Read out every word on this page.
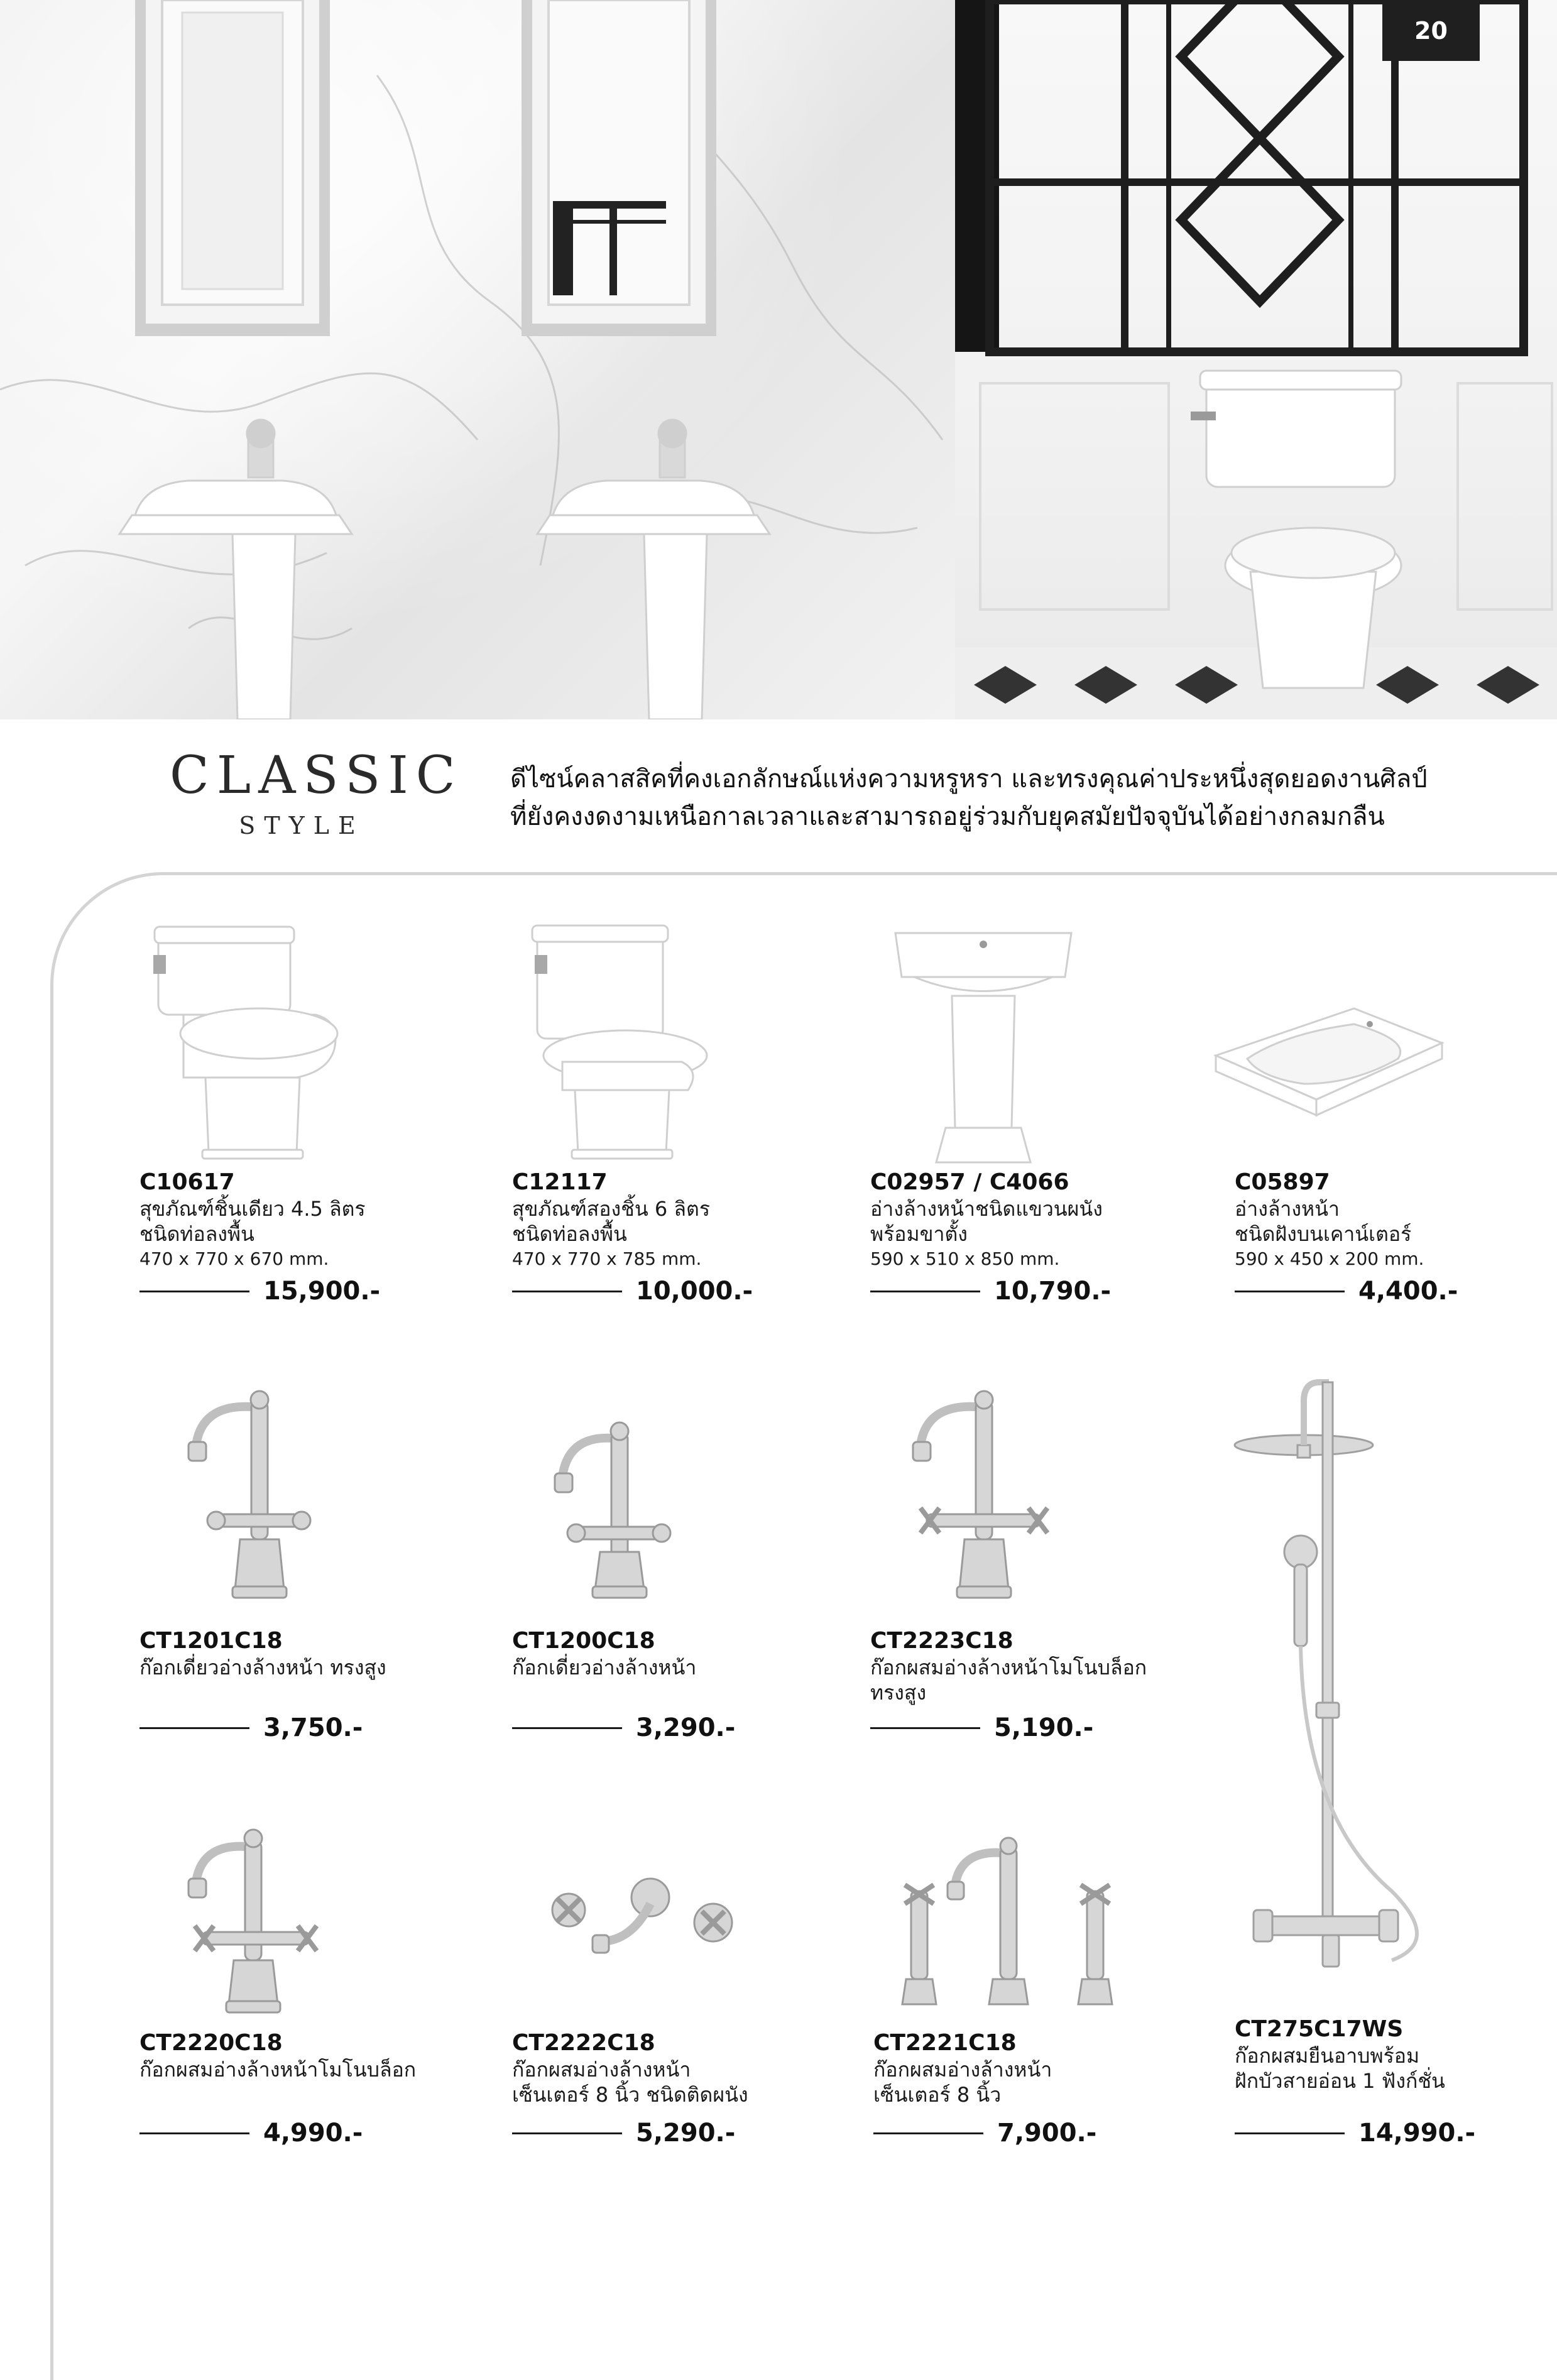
20
CLASSIC
STYLE
ดีไซน์คลาสสิคที่คงเอกลักษณ์แห่งความหรูหรา และทรงคุณค่าประหนึ่งสุดยอดงานศิลป์
ที่ยังคงงดงามเหนือกาลเวลาและสามารถอยู่ร่วมกับยุคสมัยปัจจุบันได้อย่างกลมกลืน
C10617
สุขภัณฑ์ชิ้นเดียว 4.5 ลิตร
ชนิดท่อลงพื้น
470 x 770 x 670 mm.
15,900.-
C12117
สุขภัณฑ์สองชิ้น 6 ลิตร
ชนิดท่อลงพื้น
470 x 770 x 785 mm.
10,000.-
C02957 / C4066
อ่างล้างหน้าชนิดแขวนผนัง
พร้อมขาตั้ง
590 x 510 x 850 mm.
10,790.-
C05897
อ่างล้างหน้า
ชนิดฝังบนเคาน์เตอร์
590 x 450 x 200 mm.
4,400.-
CT1201C18
ก๊อกเดี่ยวอ่างล้างหน้า ทรงสูง
3,750.-
CT1200C18
ก๊อกเดี่ยวอ่างล้างหน้า
3,290.-
CT2223C18
ก๊อกผสมอ่างล้างหน้าโมโนบล็อก
ทรงสูง
5,190.-
CT275C17WS
ก๊อกผสมยืนอาบพร้อม
ฝักบัวสายอ่อน 1 ฟังก์ชั่น
14,990.-
CT2220C18
ก๊อกผสมอ่างล้างหน้าโมโนบล็อก
4,990.-
CT2222C18
ก๊อกผสมอ่างล้างหน้า
เซ็นเตอร์ 8 นิ้ว ชนิดติดผนัง
5,290.-
CT2221C18
ก๊อกผสมอ่างล้างหน้า
เซ็นเตอร์ 8 นิ้ว
7,900.-
